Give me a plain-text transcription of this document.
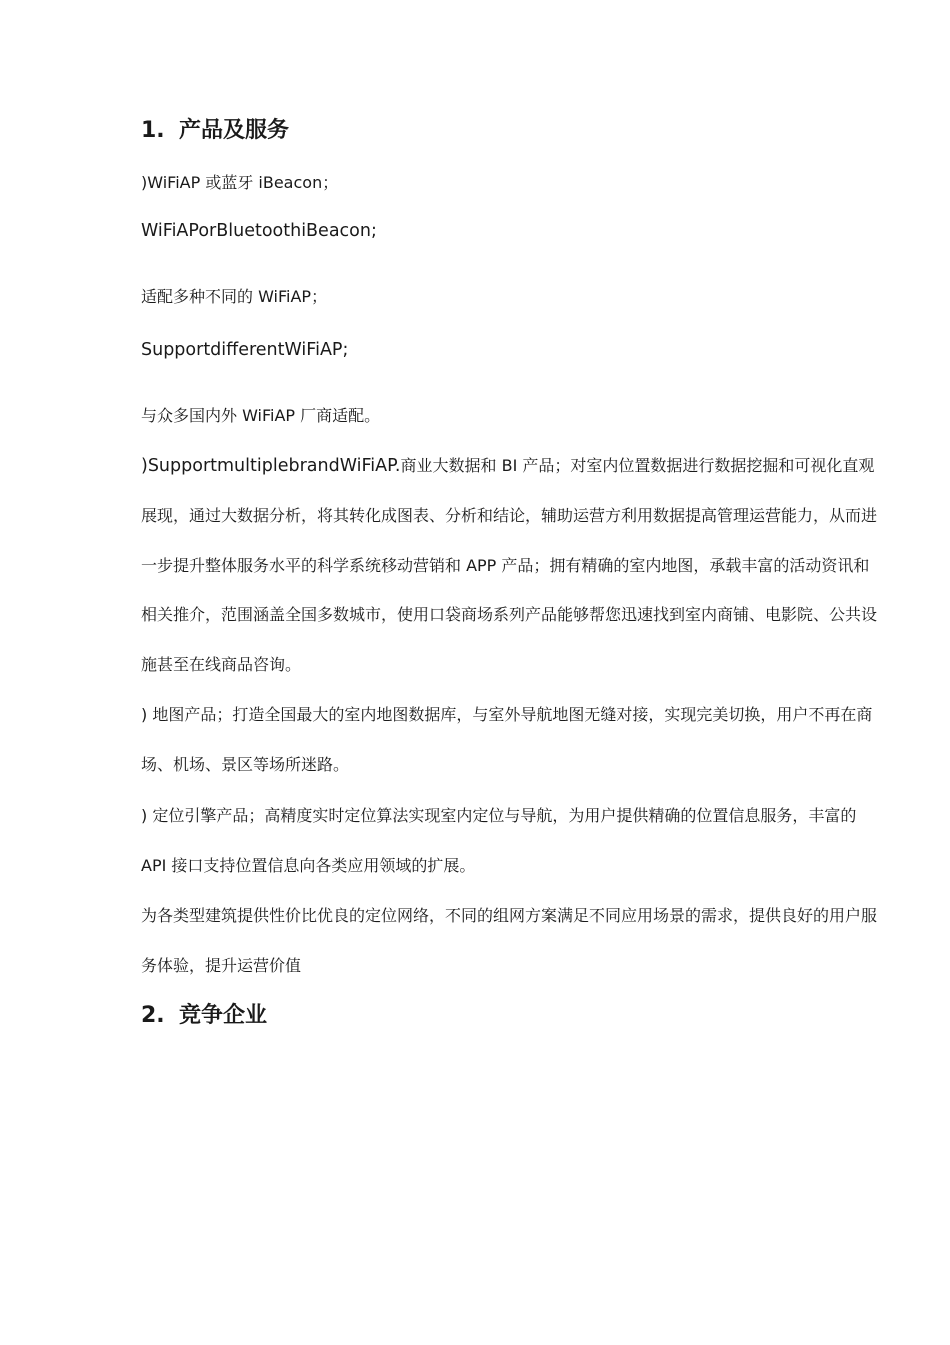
1. 产品及服务

)WiFiAP 或蓝牙 iBeacon；

WiFiAPorBluetoothiBeacon;

适配多种不同的 WiFiAP；

SupportdifferentWiFiAP;

与众多国内外 WiFiAP 厂商适配。

)SupportmultiplebrandWiFiAP.商业大数据和 BI 产品；对室内位置数据进行数据挖掘和可视化直观

展现，通过大数据分析，将其转化成图表、分析和结论，辅助运营方利用数据提高管理运营能力，从而进

一步提升整体服务水平的科学系统移动营销和 APP 产品；拥有精确的室内地图，承载丰富的活动资讯和

相关推介，范围涵盖全国多数城市，使用口袋商场系列产品能够帮您迅速找到室内商铺、电影院、公共设

施甚至在线商品咨询。

) 地图产品；打造全国最大的室内地图数据库，与室外导航地图无缝对接，实现完美切换，用户不再在商

场、机场、景区等场所迷路。

) 定位引擎产品；高精度实时定位算法实现室内定位与导航，为用户提供精确的位置信息服务，丰富的

API 接口支持位置信息向各类应用领域的扩展。

为各类型建筑提供性价比优良的定位网络，不同的组网方案满足不同应用场景的需求，提供良好的用户服

务体验，提升运营价值

2. 竞争企业
